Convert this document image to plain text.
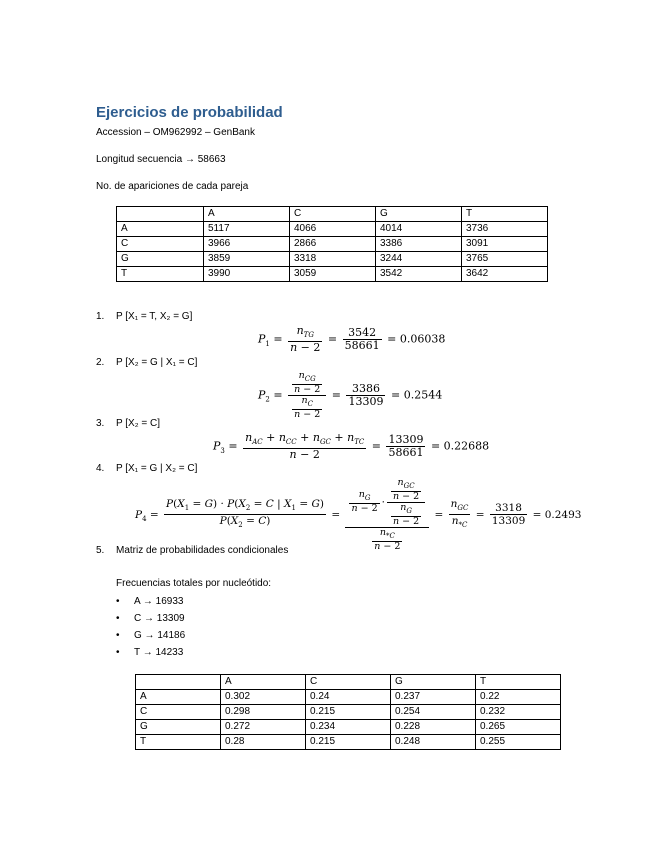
Ejercicios de probabilidad
Accession – OM962992 – GenBank
Longitud secuencia → 58663
No. de apariciones de cada pareja
	A	C	G	T
A	5117	4066	4014	3736
C	3966	2866	3386	3091
G	3859	3318	3244	3765
T	3990	3059	3542	3642
1. P [X₁ = T, X₂ = G]
$P_1 = \frac{n_{TG}}{n - 2} = \frac{3542}{58661} = 0.06038$
2. P [X₂ = G | X₁ = C]
$P_2 = \frac{\frac{n_{CG}}{n - 2}}{\frac{n_C}{n - 2}} = \frac{3386}{13309} = 0.2544$
3. P [X₂ = C]
$P_3 = \frac{n_{AC} + n_{CC} + n_{GC} + n_{TC}}{n - 2} = \frac{13309}{58661} = 0.22688$
4. P [X₁ = G | X₂ = C]
$P_4 = \frac{P(X_1 = G) \cdot P(X_2 = C | X_1 = G)}{P(X_2 = C)} = \frac{\frac{n_G}{n - 2} \cdot \frac{\frac{n_{GC}}{n - 2}}{\frac{n_G}{n - 2}}}{\frac{n_{*C}}{n - 2}} = \frac{n_{GC}}{n_{*C}} = \frac{3318}{13309} = 0.2493$
5. Matriz de probabilidades condicionales
Frecuencias totales por nucleótido:
• A → 16933
• C → 13309
• G → 14186
• T → 14233
	A	C	G	T
A	0.302	0.24	0.237	0.22
C	0.298	0.215	0.254	0.232
G	0.272	0.234	0.228	0.265
T	0.28	0.215	0.248	0.255
